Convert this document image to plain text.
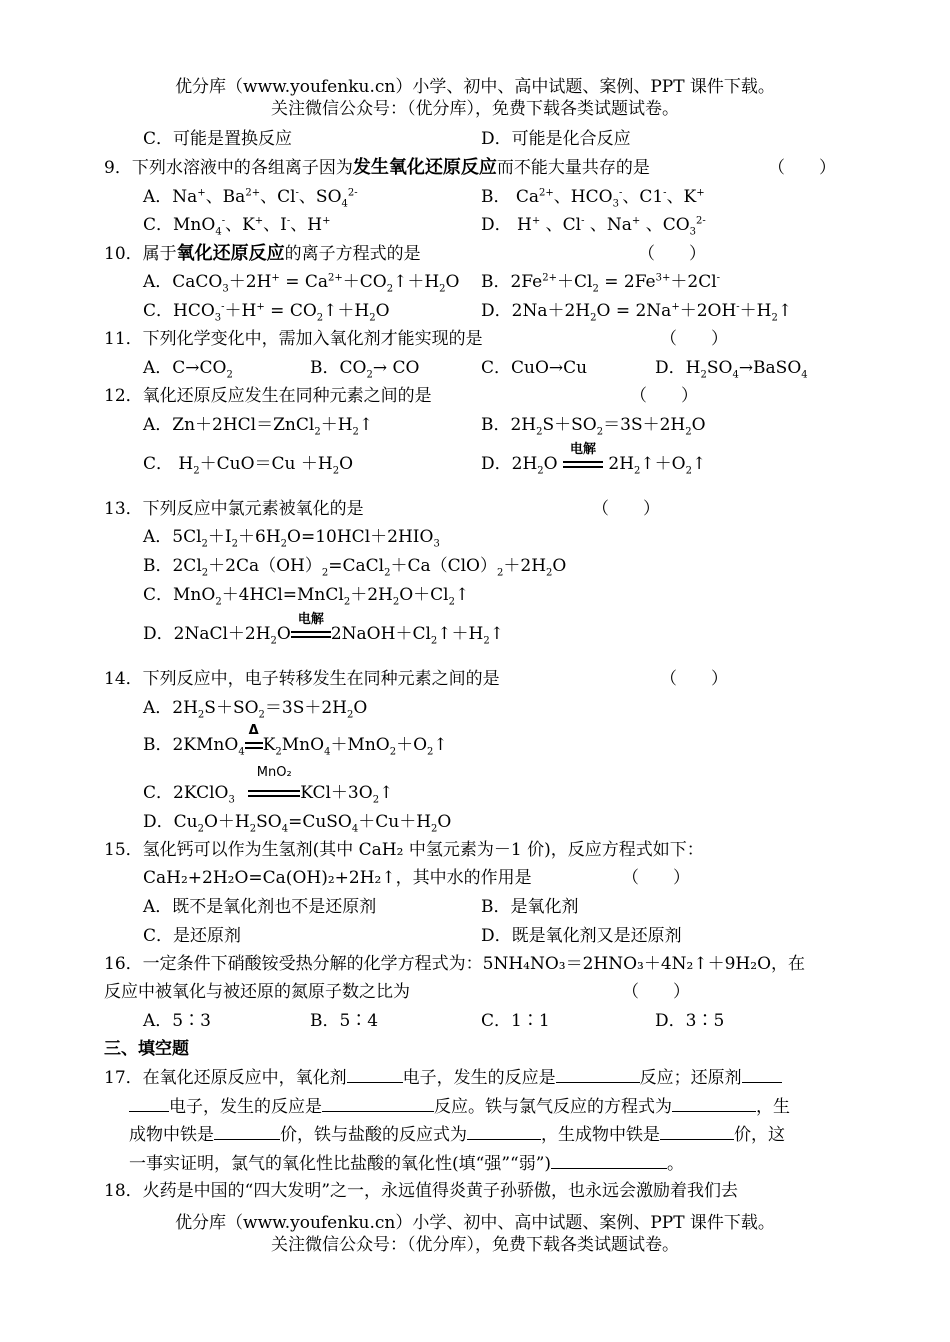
优分库（www.youfenku.cn）小学、初中、高中试题、案例、PPT 课件下载。
关注微信公众号：（优分库），免费下载各类试题试卷。
C．可能是置换反应	D．可能是化合反应
9．下列水溶液中的各组离子因为发生氧化还原反应而不能大量共存的是	（　　）
A．Na+、$Ba^{2+}$、Cl-、$SO_4^{2-}$	B． $Ca^{2+}$、$HCO_3^-$、C1-、K+
C．MnO$_4$-、K+、I-、H+	D． H+ 、Cl- 、Na+ 、$CO_3^{2-}$
10．属于氧化还原反应的离子方程式的是	（　　）
A．CaCO$_3$＋2H+ = $Ca^{2+}+CO_2↑+H_2O$ B．$2Fe^{2+}+Cl_2 = 2Fe^{3+}+2Cl^-$
C．$HCO_3^-+H^+$ = $CO_2↑+H_2O$	D．$2Na+2H_2O$ = $2Na^++2OH^-+H_2↑$
11．下列化学变化中，需加入氧化剂才能实现的是	（　　）
A．$C\to CO_2$	B．$CO_2\to$ CO	C．CuO→Cu	D．$H_2SO_4\to BaSO_4$
12．氧化还原反应发生在同种元素之间的是	（　　）
A．$Zn+2HCl=ZnCl_2+H_2↑$	B．$2H_2S+SO_2=3S+2H_2O$
C． $H_2+CuO=Cu +H_2O$	D．$2H_2O$
电解
$2H_2↑+O_2↑$
13．下列反应中氯元素被氧化的是	（　　）
A．$5Cl_2+I_2+6H_2O=10HCl+2HIO_3$
B．$2Cl_2+2Ca(OH)_2=CaCl_2+Ca(ClO)_2+2H_2O$
C．$MnO_2+4HCl=MnCl_2+2H_2O+Cl_2↑$
D．$2NaCl+2H_2O$
电解
$2NaOH+Cl_2↑+H_2↑$
14．下列反应中，电子转移发生在同种元素之间的是	（　　）
A．$2H_2S+SO_2=3S+2H_2O$
B．2KMnO$_4$
Δ
$K_2MnO_4+MnO_2+O_2↑$
C．2KClO$_3$
MnO₂
$KCl+3O_2↑$
D．$Cu_2O+H_2SO_4=CuSO_4+Cu+H_2O$
15．氢化钙可以作为生氢剂(其中 CaH₂ 中氢元素为－1 价)，反应方程式如下：
CaH₂+2H₂O=Ca(OH)₂+2H₂↑，其中水的作用是	（　　）
A．既不是氧化剂也不是还原剂	B．是氧化剂
C．是还原剂	D．既是氧化剂又是还原剂
16．一定条件下硝酸铵受热分解的化学方程式为：5NH₄NO₃＝2HNO₃＋4N₂↑＋9H₂O，在
反应中被氧化与被还原的氮原子数之比为	（　　）
A．5∶3	B．5∶4	C．1∶1	D．3∶5
三、填空题
17．在氧化还原反应中，氧化剂	电子，发生的反应是	反应；还原剂
电子，发生的反应是	反应。铁与氯气反应的方程式为	，生
成物中铁是	价，铁与盐酸的反应式为	，生成物中铁是	价，这
一事实证明，氯气的氧化性比盐酸的氧化性(填“强”“弱”)	。
18．火药是中国的“四大发明”之一，永远值得炎黄子孙骄傲，也永远会激励着我们去
优分库（www.youfenku.cn）小学、初中、高中试题、案例、PPT 课件下载。
关注微信公众号：（优分库），免费下载各类试题试卷。
